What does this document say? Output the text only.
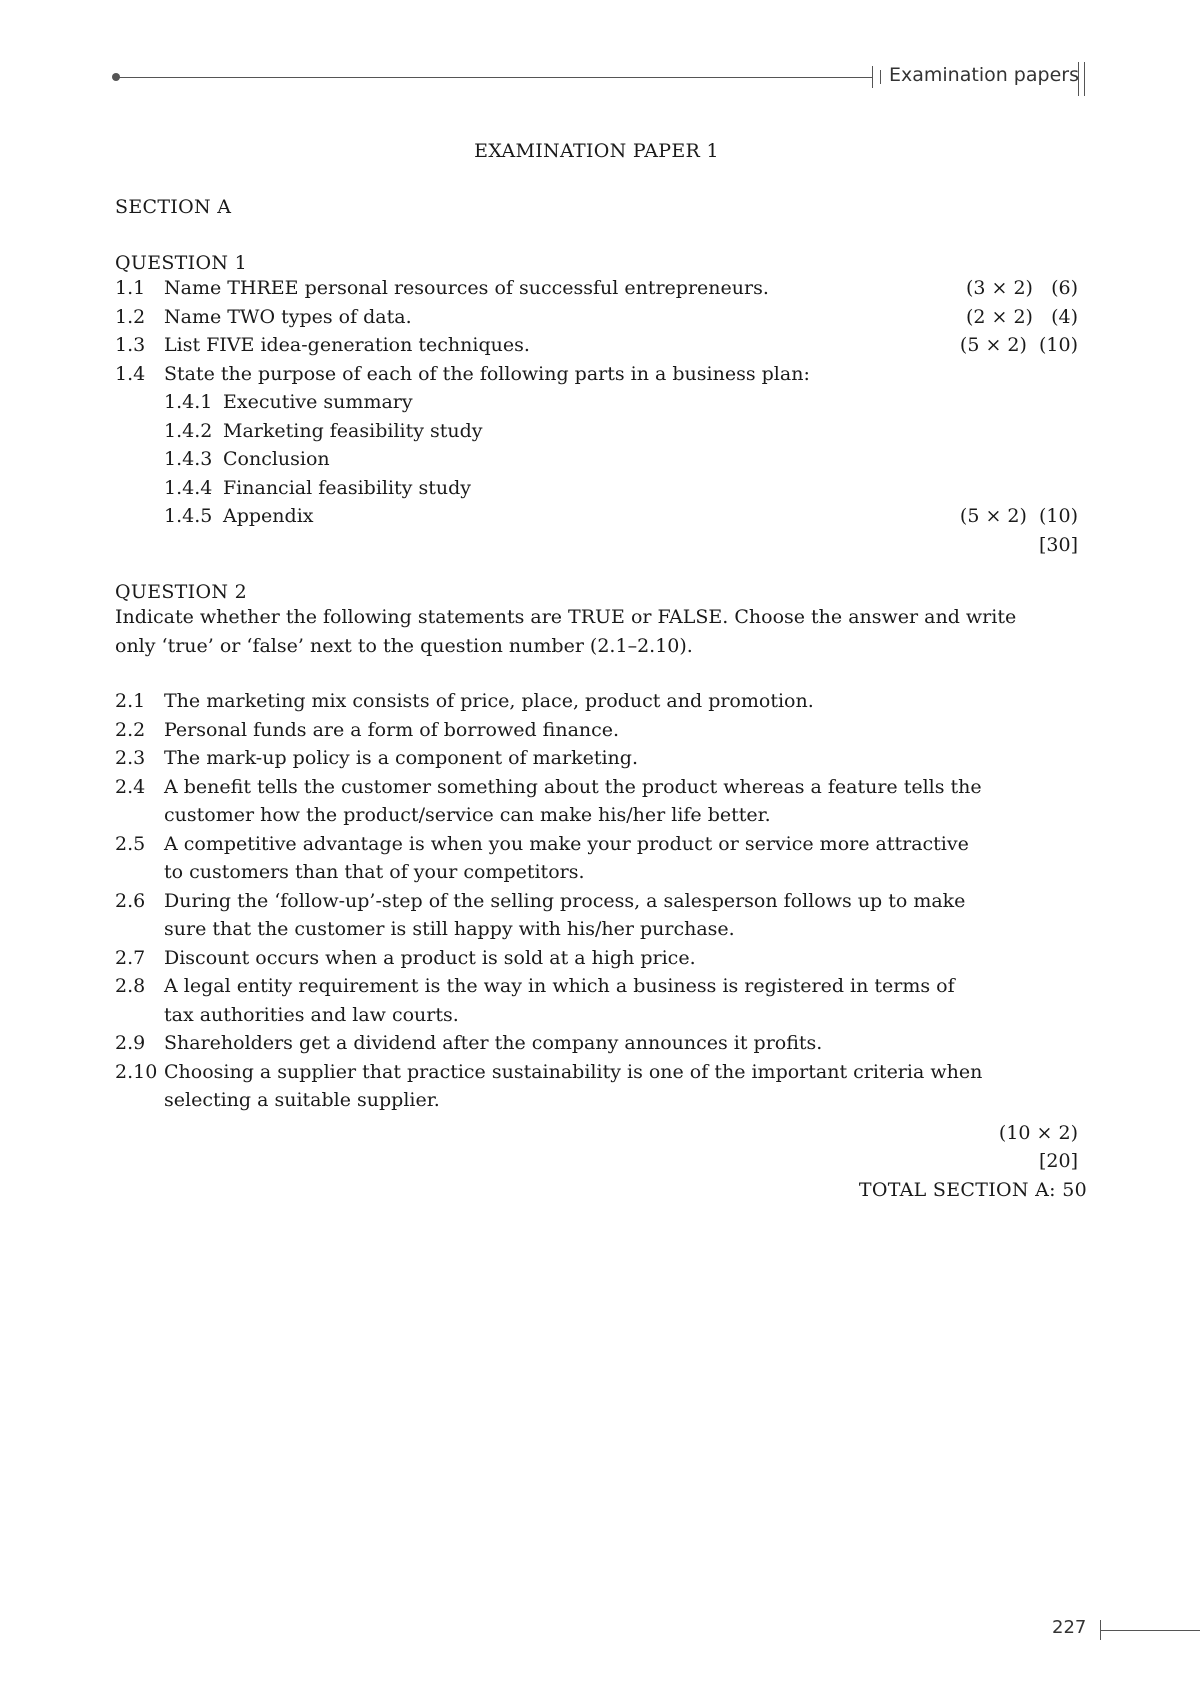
Examination papers

EXAMINATION PAPER 1

SECTION A

QUESTION 1

1.1 Name THREE personal resources of successful entrepreneurs.	(3 × 2)   (6)
1.2 Name TWO types of data.	(2 × 2)   (4)
1.3 List FIVE idea-generation techniques.	(5 × 2)  (10)
1.4 State the purpose of each of the following parts in a business plan:
1.4.1 Executive summary
1.4.2 Marketing feasibility study
1.4.3 Conclusion
1.4.4 Financial feasibility study
1.4.5 Appendix	(5 × 2)  (10)
[30]

QUESTION 2

Indicate whether the following statements are TRUE or FALSE. Choose the answer and write only ‘true’ or ‘false’ next to the question number (2.1–2.10).

2.1 The marketing mix consists of price, place, product and promotion.
2.2 Personal funds are a form of borrowed finance.
2.3 The mark-up policy is a component of marketing.
2.4 A benefit tells the customer something about the product whereas a feature tells the customer how the product/service can make his/her life better.
2.5 A competitive advantage is when you make your product or service more attractive to customers than that of your competitors.
2.6 During the ‘follow-up’-step of the selling process, a salesperson follows up to make sure that the customer is still happy with his/her purchase.
2.7 Discount occurs when a product is sold at a high price.
2.8 A legal entity requirement is the way in which a business is registered in terms of tax authorities and law courts.
2.9 Shareholders get a dividend after the company announces it profits.
2.10 Choosing a supplier that practice sustainability is one of the important criteria when selecting a suitable supplier.
(10 × 2)
[20]
TOTAL SECTION A: 50
227
